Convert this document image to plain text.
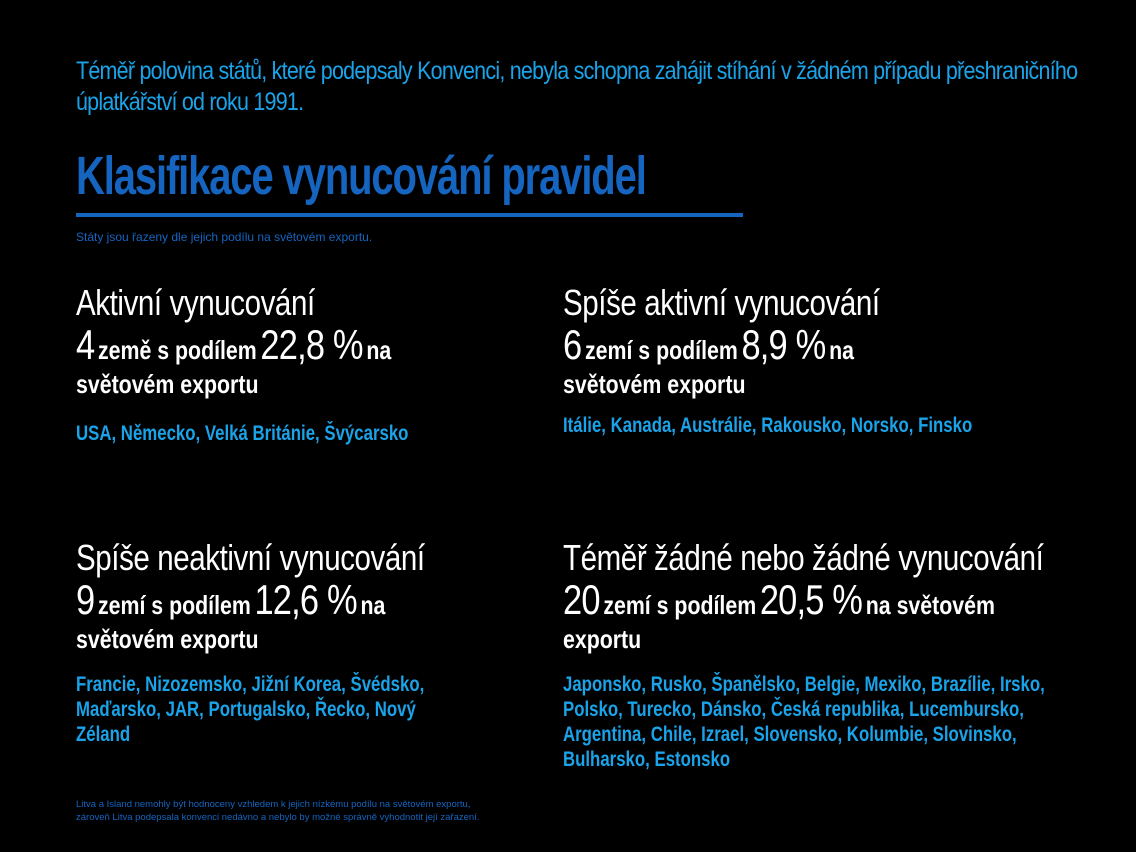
Téměř polovina států, které podepsaly Konvenci, nebyla schopna zahájit stíhání v žádném případu přeshraničního úplatkářství od roku 1991.
Klasifikace vynucování pravidel
Státy jsou řazeny dle jejich podílu na světovém exportu.
Aktivní vynucování
4 země s podílem 22,8 % na
světovém exportu
USA, Německo, Velká Británie, Švýcarsko
Spíše aktivní vynucování
6 zemí s podílem 8,9 % na
světovém exportu
Itálie, Kanada, Austrálie, Rakousko, Norsko, Finsko
Spíše neaktivní vynucování
9 zemí s podílem 12,6 % na
světovém exportu
Francie, Nizozemsko, Jižní Korea, Švédsko, Maďarsko, JAR, Portugalsko, Řecko, Nový Zéland
Téměř žádné nebo žádné vynucování
20 zemí s podílem 20,5 % na světovém
exportu
Japonsko, Rusko, Španělsko, Belgie, Mexiko, Brazílie, Irsko, Polsko, Turecko, Dánsko, Česká republika, Lucembursko, Argentina, Chile, Izrael, Slovensko, Kolumbie, Slovinsko, Bulharsko, Estonsko
Litva a Island nemohly být hodnoceny vzhledem k jejich nízkému podílu na světovém exportu, zároveň Litva podepsala konvenci nedávno a nebylo by možné správně vyhodnotit její zařazení.
